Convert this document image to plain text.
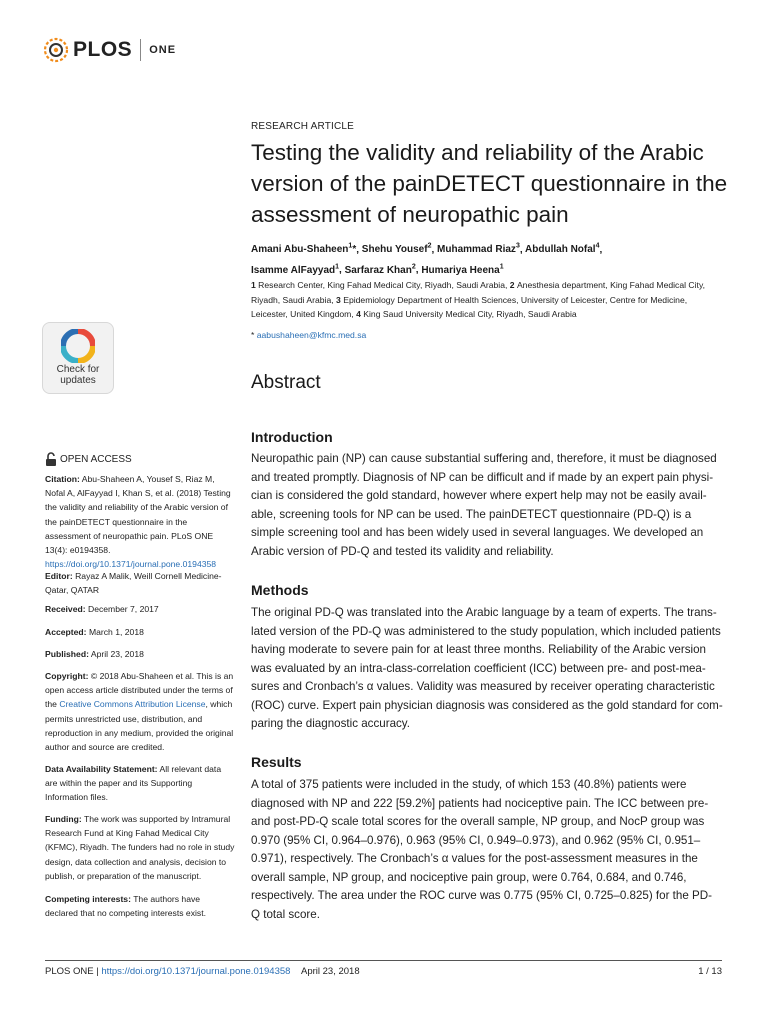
PLOS ONE
RESEARCH ARTICLE
Testing the validity and reliability of the Arabic version of the painDETECT questionnaire in the assessment of neuropathic pain
Amani Abu-Shaheen$^1$*, Shehu Yousef$^2$, Muhammad Riaz$^3$, Abdullah Nofal$^4$,
Isamme AlFayyad$^1$, Sarfaraz Khan$^2$, Humariya Heena$^1$
1 Research Center, King Fahad Medical City, Riyadh, Saudi Arabia, 2 Anesthesia department, King Fahad Medical City, Riyadh, Saudi Arabia, 3 Epidemiology Department of Health Sciences, University of Leicester, Centre for Medicine, Leicester, United Kingdom, 4 King Saud University Medical City, Riyadh, Saudi Arabia
* aabushaheen@kfmc.med.sa
Abstract
Introduction
Neuropathic pain (NP) can cause substantial suffering and, therefore, it must be diagnosed
and treated promptly. Diagnosis of NP can be difficult and if made by an expert pain physi-
cian is considered the gold standard, however where expert help may not be easily avail-
able, screening tools for NP can be used. The painDETECT questionnaire (PD-Q) is a
simple screening tool and has been widely used in several languages. We developed an
Arabic version of PD-Q and tested its validity and reliability.
Methods
The original PD-Q was translated into the Arabic language by a team of experts. The trans-
lated version of the PD-Q was administered to the study population, which included patients
having moderate to severe pain for at least three months. Reliability of the Arabic version
was evaluated by an intra-class-correlation coefficient (ICC) between pre- and post-mea-
sures and Cronbach’s α values. Validity was measured by receiver operating characteristic
(ROC) curve. Expert pain physician diagnosis was considered as the gold standard for com-
paring the diagnostic accuracy.
Results
A total of 375 patients were included in the study, of which 153 (40.8%) patients were
diagnosed with NP and 222 [59.2%] patients had nociceptive pain. The ICC between pre-
and post-PD-Q scale total scores for the overall sample, NP group, and NocP group was
0.970 (95% CI, 0.964–0.976), 0.963 (95% CI, 0.949–0.973), and 0.962 (95% CI, 0.951–
0.971), respectively. The Cronbach’s α values for the post-assessment measures in the
overall sample, NP group, and nociceptive pain group, were 0.764, 0.684, and 0.746,
respectively. The area under the ROC curve was 0.775 (95% CI, 0.725–0.825) for the PD-
Q total score.
Check for
updates
OPEN ACCESS
Citation: Abu-Shaheen A, Yousef S, Riaz M, Nofal A, AlFayyad I, Khan S, et al. (2018) Testing the validity and reliability of the Arabic version of the painDETECT questionnaire in the assessment of neuropathic pain. PLoS ONE 13(4): e0194358. https://doi.org/10.1371/journal.pone.0194358
Editor: Rayaz A Malik, Weill Cornell Medicine-Qatar, QATAR
Received: December 7, 2017
Accepted: March 1, 2018
Published: April 23, 2018
Copyright: © 2018 Abu-Shaheen et al. This is an open access article distributed under the terms of the Creative Commons Attribution License, which permits unrestricted use, distribution, and reproduction in any medium, provided the original author and source are credited.
Data Availability Statement: All relevant data are within the paper and its Supporting Information files.
Funding: The work was supported by Intramural Research Fund at King Fahad Medical City (KFMC), Riyadh. The funders had no role in study design, data collection and analysis, decision to publish, or preparation of the manuscript.
Competing interests: The authors have declared that no competing interests exist.
PLOS ONE | https://doi.org/10.1371/journal.pone.0194358 April 23, 2018	1 / 13
